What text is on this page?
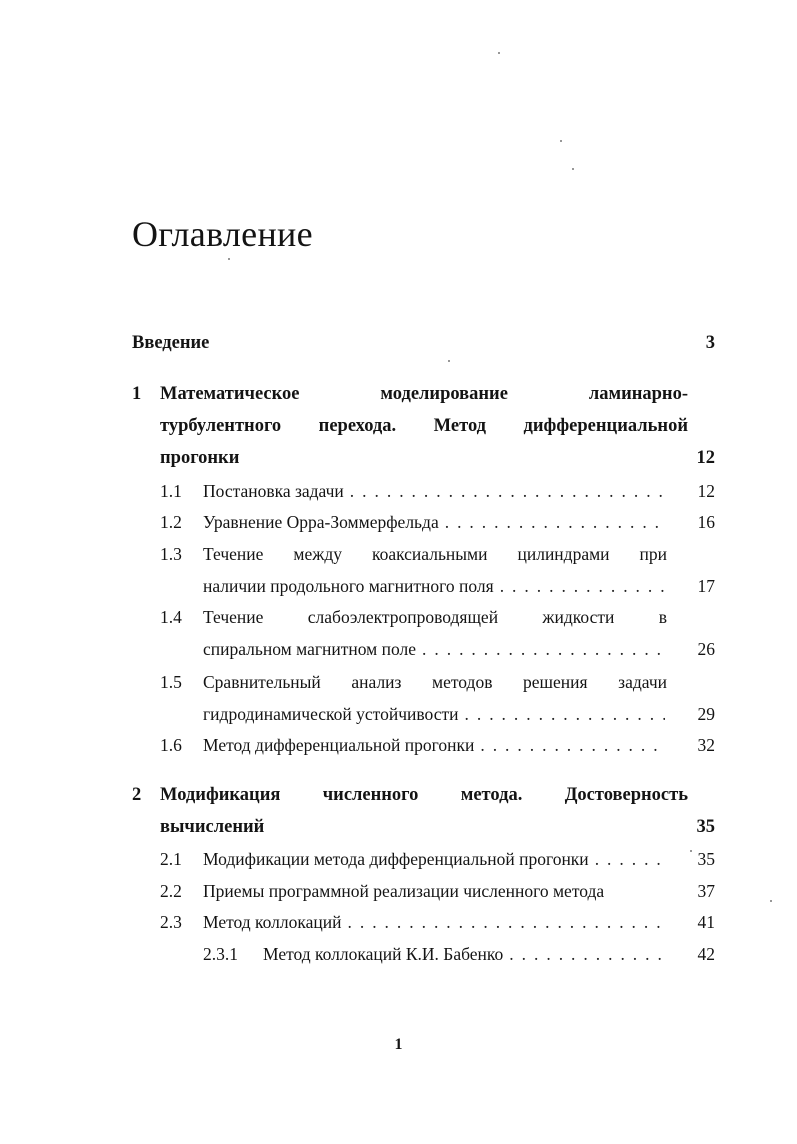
Оглавление
Введение	3
1 Математическое моделирование ламинарно-
турбулентного перехода. Метод дифференциальной
прогонки	12
1.1 Постановка задачи . . .	12
1.2 Уравнение Орра-Зоммерфельда . . .	16
1.3 Течение между коаксиальными цилиндрами при
наличии продольного магнитного поля . . .	17
1.4 Течение слабоэлектропроводящей жидкости в
спиральном магнитном поле . . .	26
1.5 Сравнительный анализ методов решения задачи
гидродинамической устойчивости . . .	29
1.6 Метод дифференциальной прогонки . . .	32
2 Модификация численного метода. Достоверность
вычислений	35
2.1 Модификации метода дифференциальной прогонки . . .	35
2.2 Приемы программной реализации численного метода	37
2.3 Метод коллокаций . . .	41
2.3.1 Метод коллокаций К.И. Бабенко . . .	42
1
